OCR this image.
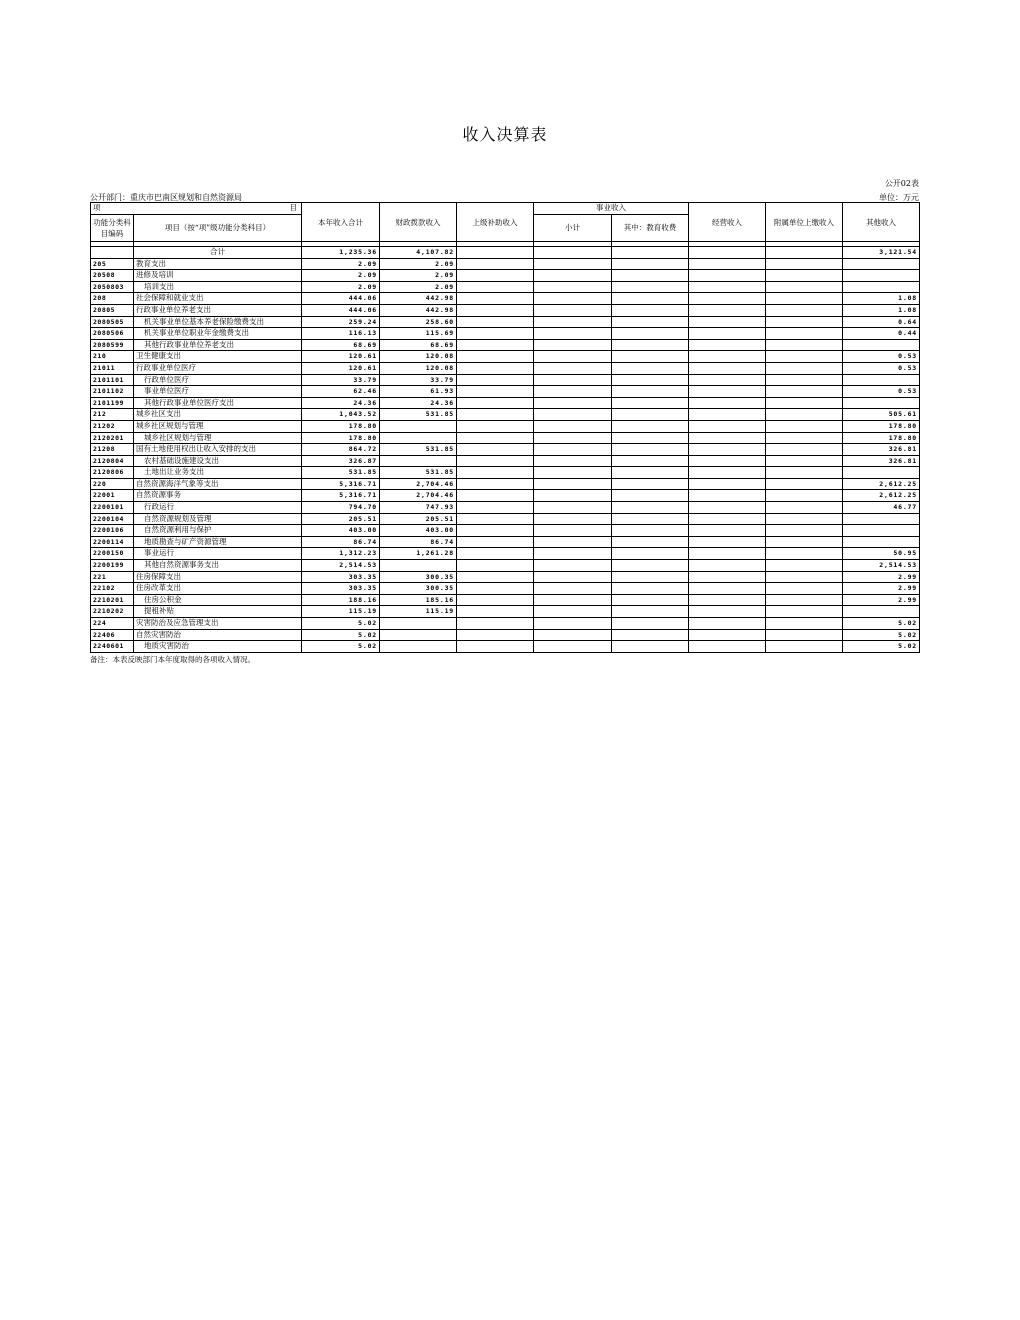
收入决算表
公开02表
公开部门：重庆市巴南区规划和自然资源局	单位：万元
项 目		本年收入合计	财政拨款收入	上级补助收入	事业收入		经营收入	附属单位上缴收入	其他收入
功能分类科目编码	项目（按“项”级功能分类科目）				小计	其中：教育收费			

	合计	1,235.36	4,107.82						3,121.54
205	教育支出	2.09	2.09						
20508	进修及培训	2.09	2.09						
2050803	培训支出	2.09	2.09						
208	社会保障和就业支出	444.06	442.98						1.08
20805	行政事业单位养老支出	444.06	442.98						1.08
2080505	机关事业单位基本养老保险缴费支出	259.24	258.60						0.64
2080506	机关事业单位职业年金缴费支出	116.13	115.69						0.44
2080599	其他行政事业单位养老支出	68.69	68.69						
210	卫生健康支出	120.61	120.08						0.53
21011	行政事业单位医疗	120.61	120.08						0.53
2101101	行政单位医疗	33.79	33.79						
2101102	事业单位医疗	62.46	61.93						0.53
2101199	其他行政事业单位医疗支出	24.36	24.36						
212	城乡社区支出	1,043.52	531.85						505.61
21202	城乡社区规划与管理	178.80							178.80
2120201	城乡社区规划与管理	178.80							178.80
21208	国有土地使用权出让收入安排的支出	864.72	531.85						326.81
2120804	农村基础设施建设支出	326.87							326.81
2120806	土地出让业务支出	531.85	531.85						
220	自然资源海洋气象等支出	5,316.71	2,704.46						2,612.25
22001	自然资源事务	5,316.71	2,704.46						2,612.25
2200101	行政运行	794.70	747.93						46.77
2200104	自然资源规划及管理	205.51	205.51						
2200106	自然资源利用与保护	403.00	403.00						
2200114	地质勘查与矿产资源管理	86.74	86.74						
2200150	事业运行	1,312.23	1,261.28						50.95
2200199	其他自然资源事务支出	2,514.53							2,514.53
221	住房保障支出	303.35	300.35						2.99
22102	住房改革支出	303.35	300.35						2.99
2210201	住房公积金	188.16	185.16						2.99
2210202	提租补贴	115.19	115.19						
224	灾害防治及应急管理支出	5.02							5.02
22406	自然灾害防治	5.02							5.02
2240601	地质灾害防治	5.02							5.02
备注：本表反映部门本年度取得的各项收入情况。
